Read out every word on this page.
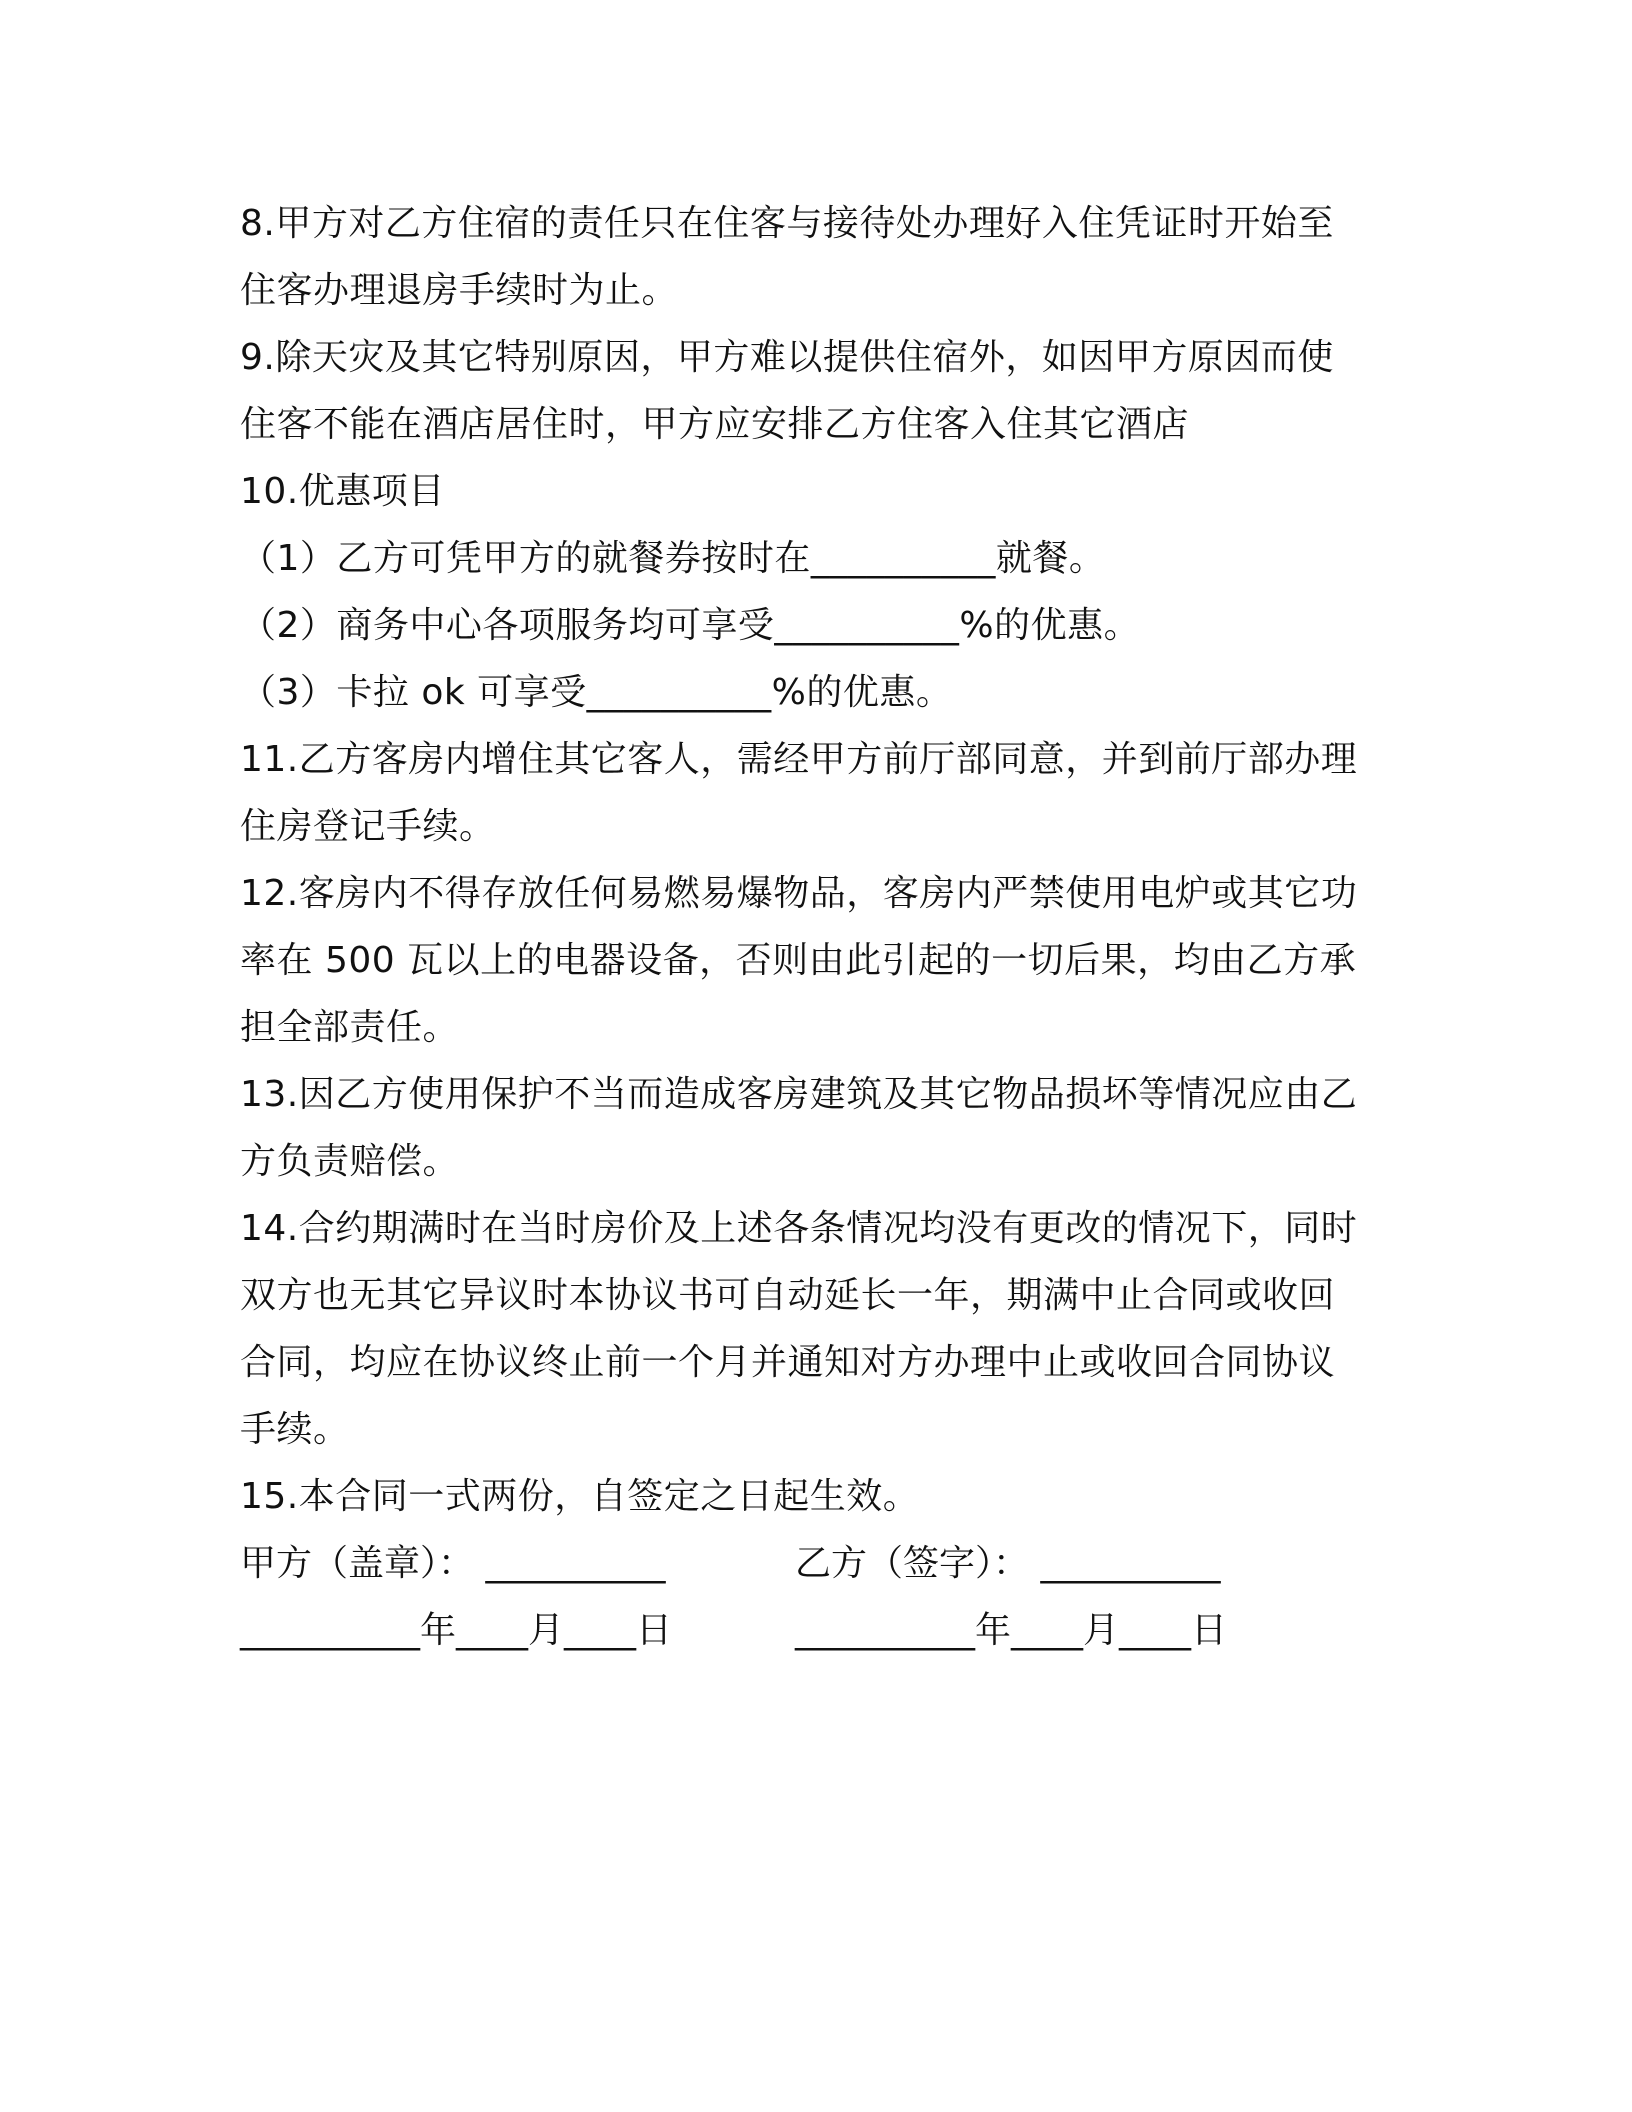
8.甲方对乙方住宿的责任只在住客与接待处办理好入住凭证时开始至
住客办理退房手续时为止。
9.除天灾及其它特别原因，甲方难以提供住宿外，如因甲方原因而使
住客不能在酒店居住时，甲方应安排乙方住客入住其它酒店
10.优惠项目
（1）乙方可凭甲方的就餐券按时在__________就餐。
（2）商务中心各项服务均可享受__________%的优惠。
（3）卡拉 ok 可享受__________%的优惠。
11.乙方客房内增住其它客人，需经甲方前厅部同意，并到前厅部办理
住房登记手续。
12.客房内不得存放任何易燃易爆物品，客房内严禁使用电炉或其它功
率在 500 瓦以上的电器设备，否则由此引起的一切后果，均由乙方承
担全部责任。
13.因乙方使用保护不当而造成客房建筑及其它物品损坏等情况应由乙
方负责赔偿。
14.合约期满时在当时房价及上述各条情况均没有更改的情况下，同时
双方也无其它异议时本协议书可自动延长一年，期满中止合同或收回
合同，均应在协议终止前一个月并通知对方办理中止或收回合同协议
手续。
15.本合同一式两份，自签定之日起生效。
甲方（盖章）： __________	乙方（签字）： __________
__________年____月____日	__________年____月____日
